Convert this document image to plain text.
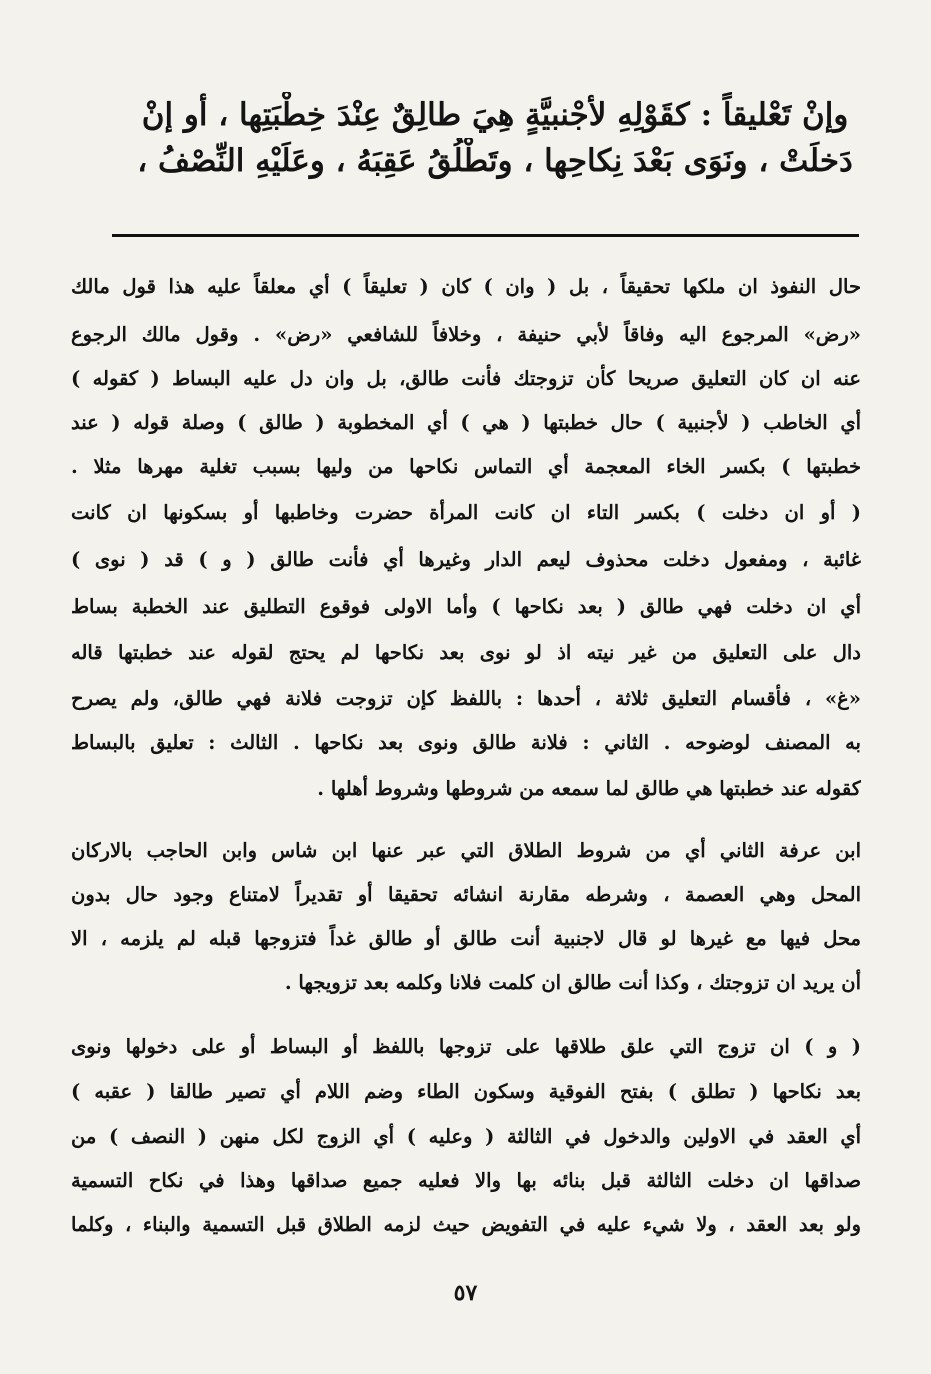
وإنْ تَعْليقاً : كقَوْلِهِ لأجْنبيَّةٍ هِيَ طالِقٌ عِنْدَ خِطْبَتِها ، أو إنْ
دَخلَتْ ، ونَوَى بَعْدَ نِكاحِها ، وتَطْلُقُ عَقِبَهُ ، وعَلَيْهِ النِّصْفُ ،
حال النفوذ ان ملكها تحقيقاً ، بل ( وان ) كان ( تعليقاً ) أي معلقاً عليه هذا قول مالك
«رض» المرجوع اليه وفاقاً لأبي حنيفة ، وخلافاً للشافعي «رض» . وقول مالك الرجوع
عنه ان كان التعليق صريحا كأن تزوجتك فأنت طالق، بل وان دل عليه البساط ( كقوله )
أي الخاطب ( لأجنبية ) حال خطبتها ( هي ) أي المخطوبة ( طالق ) وصلة قوله ( عند
خطبتها ) بكسر الخاء المعجمة أي التماس نكاحها من وليها بسبب تغلية مهرها مثلا .
( أو ان دخلت ) بكسر التاء ان كانت المرأة حضرت وخاطبها أو بسكونها ان كانت
غائبة ، ومفعول دخلت محذوف ليعم الدار وغيرها أي فأنت طالق ( و ) قد ( نوى )
أي ان دخلت فهي طالق ( بعد نكاحها ) وأما الاولى فوقوع التطليق عند الخطبة بساط
دال على التعليق من غير نيته اذ لو نوى بعد نكاحها لم يحتج لقوله عند خطبتها قاله
«غ» ، فأقسام التعليق ثلاثة ، أحدها : باللفظ كإن تزوجت فلانة فهي طالق، ولم يصرح
به المصنف لوضوحه . الثاني : فلانة طالق ونوى بعد نكاحها . الثالث : تعليق بالبساط
كقوله عند خطبتها هي طالق لما سمعه من شروطها وشروط أهلها .
ابن عرفة الثاني أي من شروط الطلاق التي عبر عنها ابن شاس وابن الحاجب بالاركان
المحل وهي العصمة ، وشرطه مقارنة انشائه تحقيقا أو تقديراً لامتناع وجود حال بدون
محل فيها مع غيرها لو قال لاجنبية أنت طالق أو طالق غداً فتزوجها قبله لم يلزمه ، الا
أن يريد ان تزوجتك ، وكذا أنت طالق ان كلمت فلانا وكلمه بعد تزويجها .
( و ) ان تزوج التي علق طلاقها على تزوجها باللفظ أو البساط أو على دخولها ونوى
بعد نكاحها ( تطلق ) بفتح الفوقية وسكون الطاء وضم اللام أي تصير طالقا ( عقبه )
أي العقد في الاولين والدخول في الثالثة ( وعليه ) أي الزوج لكل منهن ( النصف ) من
صداقها ان دخلت الثالثة قبل بنائه بها والا فعليه جميع صداقها وهذا في نكاح التسمية
ولو بعد العقد ، ولا شيء عليه في التفويض حيث لزمه الطلاق قبل التسمية والبناء ، وكلما
٥٧
